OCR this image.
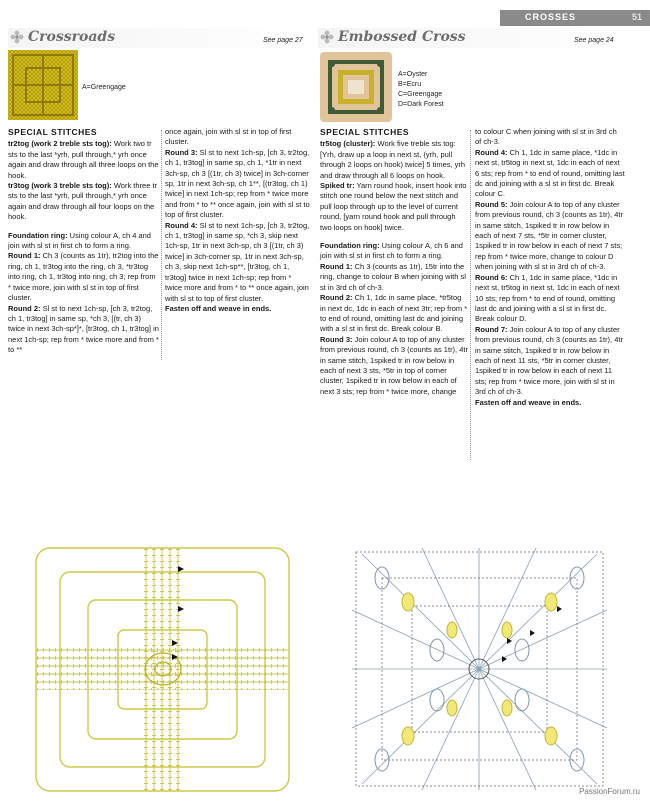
CROSSES	51
Crossroads	See page 27
A=Greengage

SPECIAL STITCHES

tr2tog (work 2 treble sts tog): Work two tr sts to the last *yrh, pull through,* yrh once again and draw through all three loops on the hook.

tr3tog (work 3 treble sts tog): Work three tr sts to the last *yrh, pull through,* yrh once again and draw through all four loops on the hook.

Foundation ring: Using colour A, ch 4 and join with sl st in first ch to form a ring.

Round 1: Ch 3 (counts as 1tr), tr2tog into the ring, ch 1, tr3tog into the ring, ch 3, *tr3tog into ring, ch 1, tr3tog into ring, ch 3; rep from * twice more, join with sl st in top of first cluster.

Round 2: Sl st to next 1ch-sp, [ch 3, tr2tog, ch 1, tr3tog] in same sp, *ch 3, [(tr, ch 3) twice in next 3ch-sp*]*, [tr3tog, ch 1, tr3tog] in next 1ch-sp; rep from * twice more and from * to **

once again, join with sl st in top of first cluster.

Round 3: Sl st to next 1ch-sp, [ch 3, tr2tog, ch 1, tr3tog] in same sp, ch 1, *1tr in next 3ch-sp, ch 3 [(1tr, ch 3) twice] in 3ch-corner sp, 1tr in next 3ch-sp, ch 1**, [(tr3tog, ch 1) twice] in next 1ch-sp; rep from * twice more and from * to ** once again, join with sl st to top of first cluster.

Round 4: Sl st to next 1ch-sp, [ch 3, tr2tog, ch 1, tr3tog] in same sp, *ch 3, skip next 1ch-sp, 1tr in next 3ch-sp, ch 3 [(1tr, ch 3) twice] in 3ch-corner sp, 1tr in next 3ch-sp, ch 3, skip next 1ch-sp**, [tr3tog, ch 1, tr3tog] twice in next 1ch-sp; rep from * twice more and from * to ** once again, join with sl st to top of first cluster.

Fasten off and weave in ends.

Embossed Cross	See page 24
A=Oyster
B=Ecru
C=Greengage
D=Dark Forest

SPECIAL STITCHES

tr5tog (cluster): Work five treble sts tog: [Yrh, draw up a loop in next st, (yrh, pull through 2 loops on hook) twice] 5 times, yrh and draw through all 6 loops on hook.

Spiked tr: Yarn round hook, insert hook into stitch one round below the next stitch and pull loop through up to the level of current round, [yarn round hook and pull through two loops on hook] twice.

Foundation ring: Using colour A, ch 6 and join with sl st in first ch to form a ring.

Round 1: Ch 3 (counts as 1tr), 15tr into the ring, change to colour B when joining with sl st in 3rd ch of ch-3.

Round 2: Ch 1, 1dc in same place, *tr5tog in next dc, 1dc in each of next 3tr; rep from * to end of round, omitting last dc and joining with a sl st in first dc. Break colour B.

Round 3: Join colour A to top of any cluster from previous round, ch 3 (counts as 1tr), 4tr in same stitch, 1spiked tr in row below in each of next 3 sts, *5tr in top of corner cluster, 1spiked tr in row below in each of next 3 sts; rep from * twice more, change

to colour C when joining with sl st in 3rd ch of ch-3.

Round 4: Ch 1, 1dc in same place, *1dc in next st, tr5tog in next st, 1dc in each of next 6 sts; rep from * to end of round, omitting last dc and joining with a sl st in first dc. Break colour C.

Round 5: Join colour A to top of any cluster from previous round, ch 3 (counts as 1tr), 4tr in same stitch, 1spiked tr in row below in each of next 7 sts, *5tr in corner cluster, 1spiked tr in row below in each of next 7 sts; rep from * twice more, change to colour D when joining with sl st in 3rd ch of ch-3.

Round 6: Ch 1, 1dc in same place, *1dc in next st, tr5tog in next st, 1dc in each of next 10 sts; rep from * to end of round, omitting last dc and joining with a sl st in first dc. Break colour D.

Round 7: Join colour A to top of any cluster from previous round, ch 3 (counts as 1tr), 4tr in same stitch, 1spiked tr in row below in each of next 11 sts, *5tr in corner cluster, 1spiked tr in row below in each of next 11 sts; rep from * twice more, join with sl st in 3rd ch of ch-3.

Fasten off and weave in ends.

PassionForum.ru
